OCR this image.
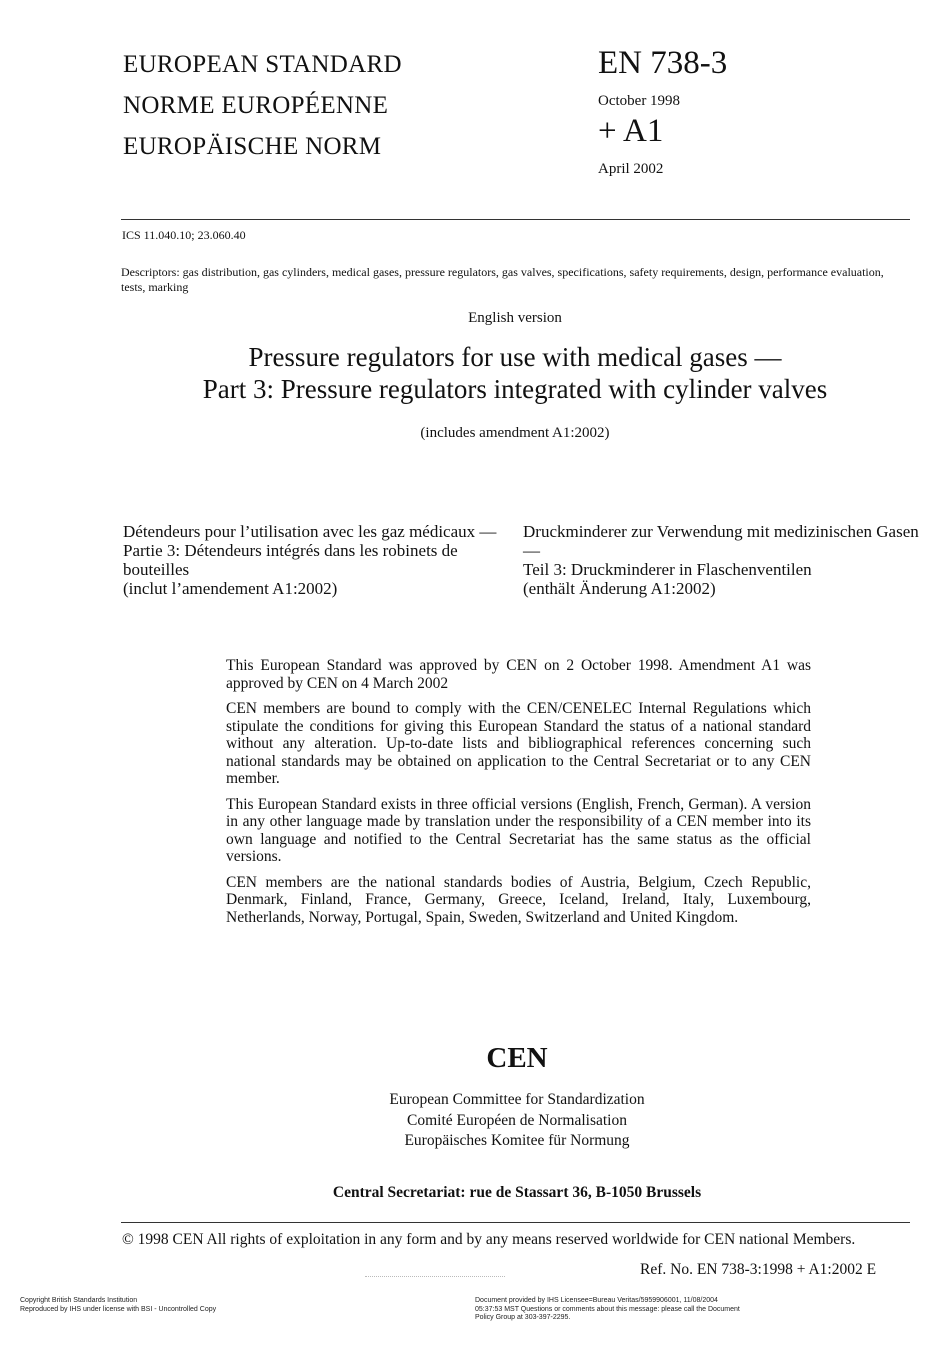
EUROPEAN STANDARD
NORME EUROPÉENNE
EUROPÄISCHE NORM
EN 738-3
October 1998
+ A1
April 2002
ICS 11.040.10; 23.060.40
Descriptors: gas distribution, gas cylinders, medical gases, pressure regulators, gas valves, specifications, safety requirements, design, performance evaluation, tests, marking
English version
Pressure regulators for use with medical gases —
Part 3: Pressure regulators integrated with cylinder valves
(includes amendment A1:2002)
Détendeurs pour l’utilisation avec les gaz médicaux —
Partie 3: Détendeurs intégrés dans les robinets de bouteilles
(inclut l’amendement A1:2002)
Druckminderer zur Verwendung mit medizinischen Gasen —
Teil 3: Druckminderer in Flaschenventilen
(enthält Änderung A1:2002)

This European Standard was approved by CEN on 2 October 1998. Amendment A1 was approved by CEN on 4 March 2002

CEN members are bound to comply with the CEN/CENELEC Internal Regulations which stipulate the conditions for giving this European Standard the status of a national standard without any alteration. Up-to-date lists and bibliographical references concerning such national standards may be obtained on application to the Central Secretariat or to any CEN member.

This European Standard exists in three official versions (English, French, German). A version in any other language made by translation under the responsibility of a CEN member into its own language and notified to the Central Secretariat has the same status as the official versions.

CEN members are the national standards bodies of Austria, Belgium, Czech Republic, Denmark, Finland, France, Germany, Greece, Iceland, Ireland, Italy, Luxembourg, Netherlands, Norway, Portugal, Spain, Sweden, Switzerland and United Kingdom.

CEN
European Committee for Standardization
Comité Européen de Normalisation
Europäisches Komitee für Normung
Central Secretariat: rue de Stassart 36, B-1050 Brussels
© 1998 CEN All rights of exploitation in any form and by any means reserved worldwide for CEN national Members.
Ref. No. EN 738-3:1998 + A1:2002 E
Copyright British Standards Institution
Reproduced by IHS under license with BSI - Uncontrolled Copy
Document provided by IHS Licensee=Bureau Veritas/5959906001, 11/08/2004
05:37:53 MST Questions or comments about this message: please call the Document
Policy Group at 303-397-2295.
